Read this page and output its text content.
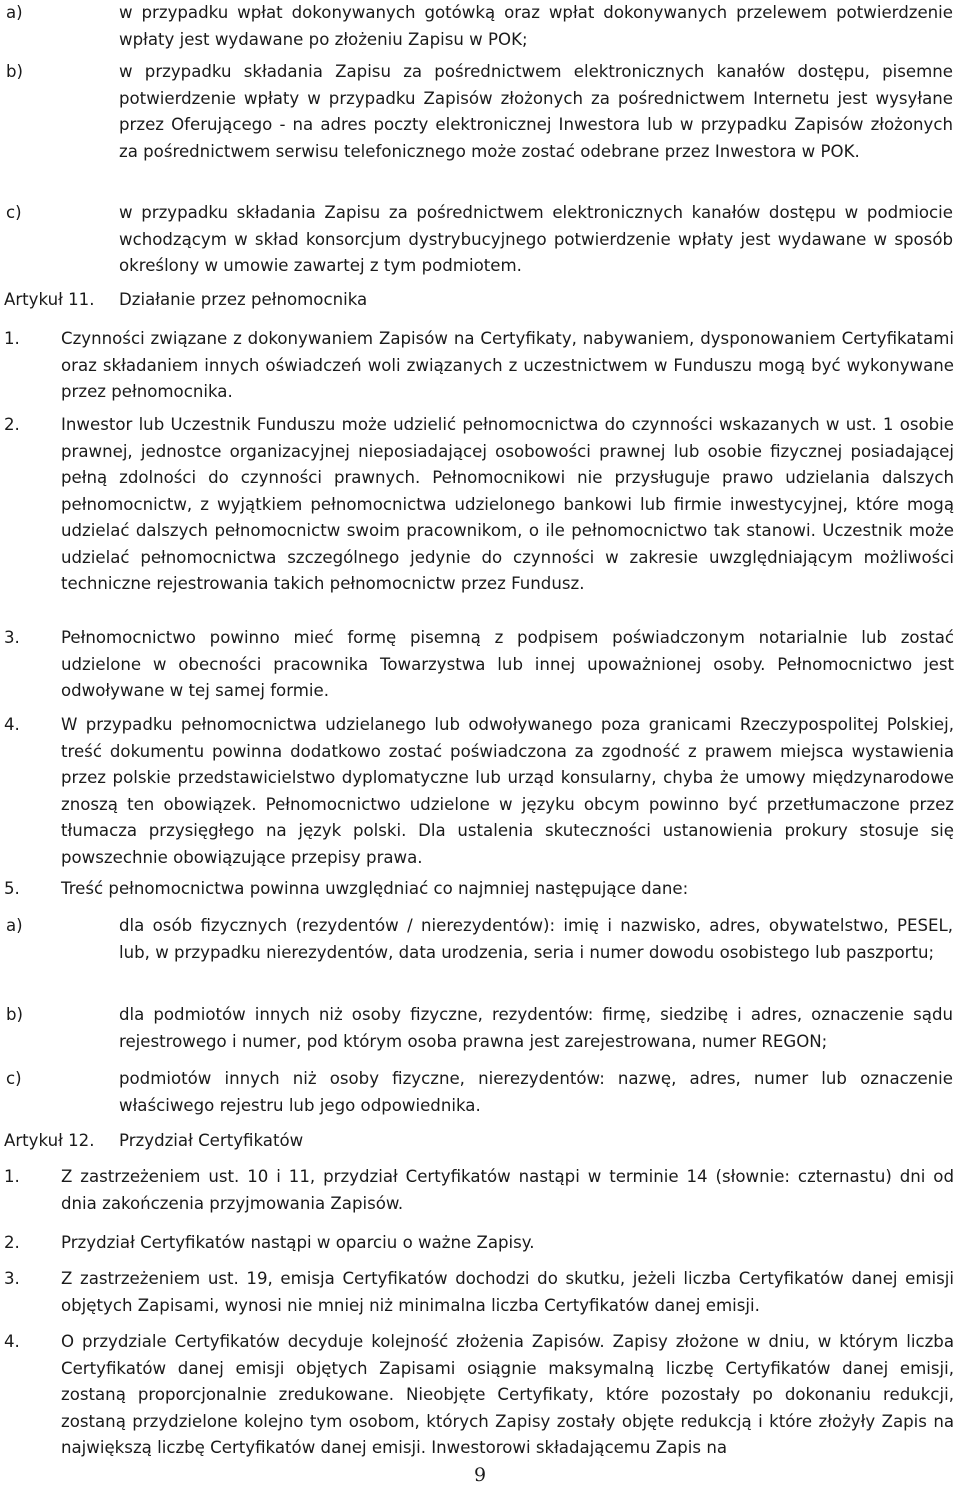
a)	w przypadku wpłat dokonywanych gotówką oraz wpłat dokonywanych przelewem potwierdzenie wpłaty jest wydawane po złożeniu Zapisu w POK;

b)	w przypadku składania Zapisu za pośrednictwem elektronicznych kanałów dostępu, pisemne potwierdzenie wpłaty w przypadku Zapisów złożonych za pośrednictwem Internetu jest wysyłane przez Oferującego - na adres poczty elektronicznej Inwestora lub w przypadku Zapisów złożonych za pośrednictwem serwisu telefonicznego może zostać odebrane przez Inwestora w POK.

c)	w przypadku składania Zapisu za pośrednictwem elektronicznych kanałów dostępu w podmiocie wchodzącym w skład konsorcjum dystrybucyjnego potwierdzenie wpłaty jest wydawane w sposób określony w umowie zawartej z tym podmiotem.

Artykuł 11. Działanie przez pełnomocnika
1. Czynności związane z dokonywaniem Zapisów na Certyfikaty, nabywaniem, dysponowaniem Certyfikatami oraz składaniem innych oświadczeń woli związanych z uczestnictwem w Funduszu mogą być wykonywane przez pełnomocnika.

2. Inwestor lub Uczestnik Funduszu może udzielić pełnomocnictwa do czynności wskazanych w ust. 1 osobie prawnej, jednostce organizacyjnej nieposiadającej osobowości prawnej lub osobie fizycznej posiadającej pełną zdolności do czynności prawnych. Pełnomocnikowi nie przysługuje prawo udzielania dalszych pełnomocnictw, z wyjątkiem pełnomocnictwa udzielonego bankowi lub firmie inwestycyjnej, które mogą udzielać dalszych pełnomocnictw swoim pracownikom, o ile pełnomocnictwo tak stanowi. Uczestnik może udzielać pełnomocnictwa szczególnego jedynie do czynności w zakresie uwzględniającym możliwości techniczne rejestrowania takich pełnomocnictw przez Fundusz.

3. Pełnomocnictwo powinno mieć formę pisemną z podpisem poświadczonym notarialnie lub zostać udzielone w obecności pracownika Towarzystwa lub innej upoważnionej osoby. Pełnomocnictwo jest odwoływane w tej samej formie.

4. W przypadku pełnomocnictwa udzielanego lub odwoływanego poza granicami Rzeczypospolitej Polskiej, treść dokumentu powinna dodatkowo zostać poświadczona za zgodność z prawem miejsca wystawienia przez polskie przedstawicielstwo dyplomatyczne lub urząd konsularny, chyba że umowy międzynarodowe znoszą ten obowiązek. Pełnomocnictwo udzielone w języku obcym powinno być przetłumaczone przez tłumacza przysięgłego na język polski. Dla ustalenia skuteczności ustanowienia prokury stosuje się powszechnie obowiązujące przepisy prawa.

5. Treść pełnomocnictwa powinna uwzględniać co najmniej następujące dane:

a)	dla osób fizycznych (rezydentów / nierezydentów): imię i nazwisko, adres, obywatelstwo, PESEL, lub, w przypadku nierezydentów, data urodzenia, seria i numer dowodu osobistego lub paszportu;

b)	dla podmiotów innych niż osoby fizyczne, rezydentów: firmę, siedzibę i adres, oznaczenie sądu rejestrowego i numer, pod którym osoba prawna jest zarejestrowana, numer REGON;

c)	podmiotów innych niż osoby fizyczne, nierezydentów: nazwę, adres, numer lub oznaczenie właściwego rejestru lub jego odpowiednika.

Artykuł 12. Przydział Certyfikatów
1. Z zastrzeżeniem ust. 10 i 11, przydział Certyfikatów nastąpi w terminie 14 (słownie: czternastu) dni od dnia zakończenia przyjmowania Zapisów.

2. Przydział Certyfikatów nastąpi w oparciu o ważne Zapisy.

3. Z zastrzeżeniem ust. 19, emisja Certyfikatów dochodzi do skutku, jeżeli liczba Certyfikatów danej emisji objętych Zapisami, wynosi nie mniej niż minimalna liczba Certyfikatów danej emisji.

4. O przydziale Certyfikatów decyduje kolejność złożenia Zapisów. Zapisy złożone w dniu, w którym liczba Certyfikatów danej emisji objętych Zapisami osiągnie maksymalną liczbę Certyfikatów danej emisji, zostaną proporcjonalnie zredukowane. Nieobjęte Certyfikaty, które pozostały po dokonaniu redukcji, zostaną przydzielone kolejno tym osobom, których Zapisy zostały objęte redukcją i które złożyły Zapis na największą liczbę Certyfikatów danej emisji. Inwestorowi składającemu Zapis na

9
